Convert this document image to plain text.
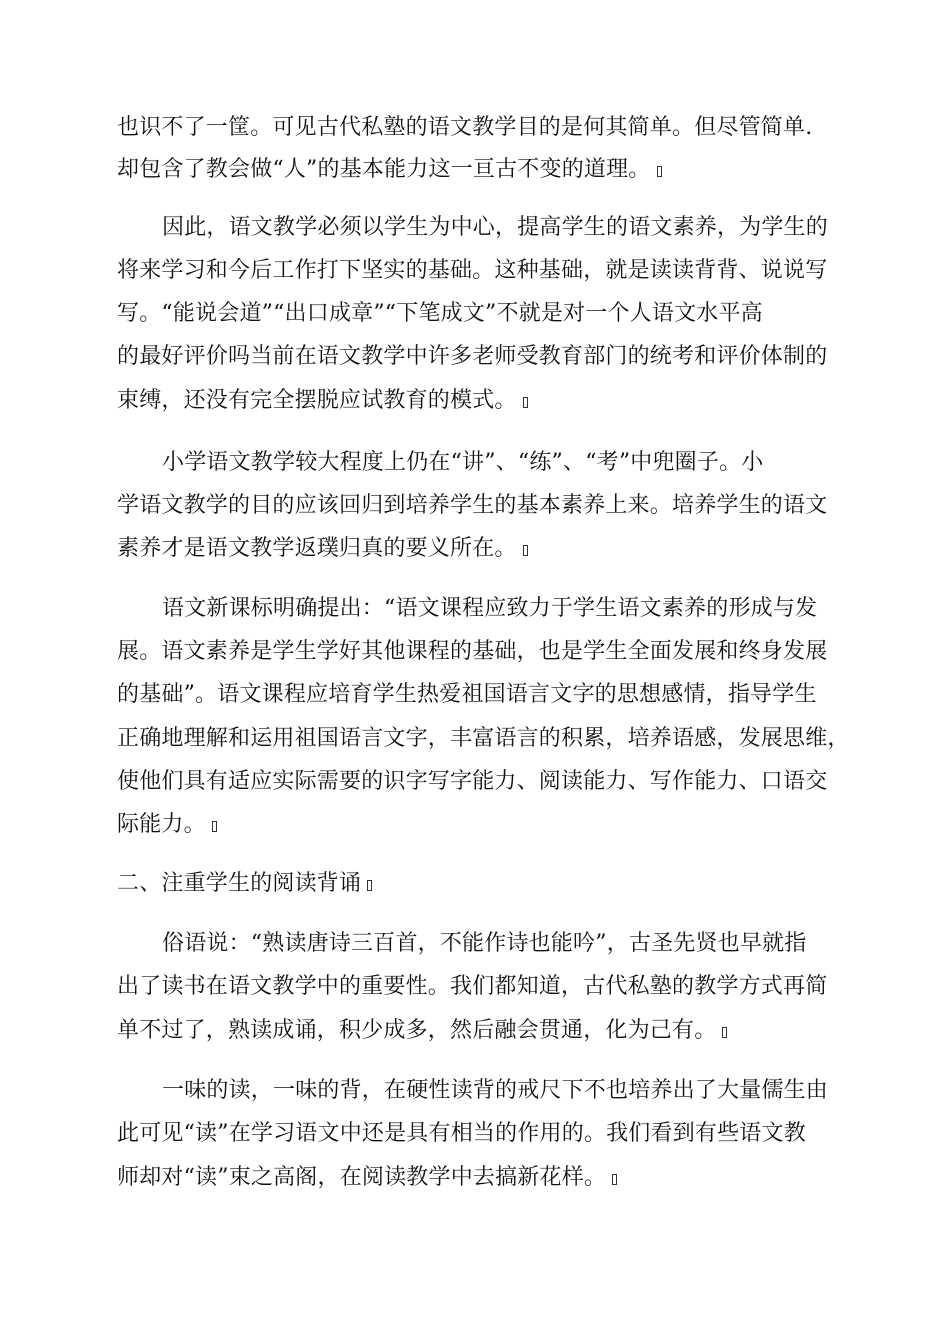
也识不了一筐。可见古代私塾的语文教学目的是何其简单。但尽管简单.
却包含了教会做“人”的基本能力这一亘古不变的道理。
因此，语文教学必须以学生为中心，提高学生的语文素养，为学生的
将来学习和今后工作打下坚实的基础。这种基础，就是读读背背、说说写
写。“能说会道”“出口成章”“下笔成文”不就是对一个人语文水平高
的最好评价吗当前在语文教学中许多老师受教育部门的统考和评价体制的
束缚，还没有完全摆脱应试教育的模式。
小学语文教学较大程度上仍在“讲”、“练”、“考”中兜圈子。小
学语文教学的目的应该回归到培养学生的基本素养上来。培养学生的语文
素养才是语文教学返璞归真的要义所在。
语文新课标明确提出：“语文课程应致力于学生语文素养的形成与发
展。语文素养是学生学好其他课程的基础，也是学生全面发展和终身发展
的基础”。语文课程应培育学生热爱祖国语言文字的思想感情，指导学生
正确地理解和运用祖国语言文字，丰富语言的积累，培养语感，发展思维，
使他们具有适应实际需要的识字写字能力、阅读能力、写作能力、口语交
际能力。
二、注重学生的阅读背诵
俗语说：“熟读唐诗三百首，不能作诗也能吟”，古圣先贤也早就指
出了读书在语文教学中的重要性。我们都知道，古代私塾的教学方式再简
单不过了，熟读成诵，积少成多，然后融会贯通，化为己有。
一味的读，一味的背，在硬性读背的戒尺下不也培养出了大量儒生由
此可见“读”在学习语文中还是具有相当的作用的。我们看到有些语文教
师却对“读”束之高阁，在阅读教学中去搞新花样。
